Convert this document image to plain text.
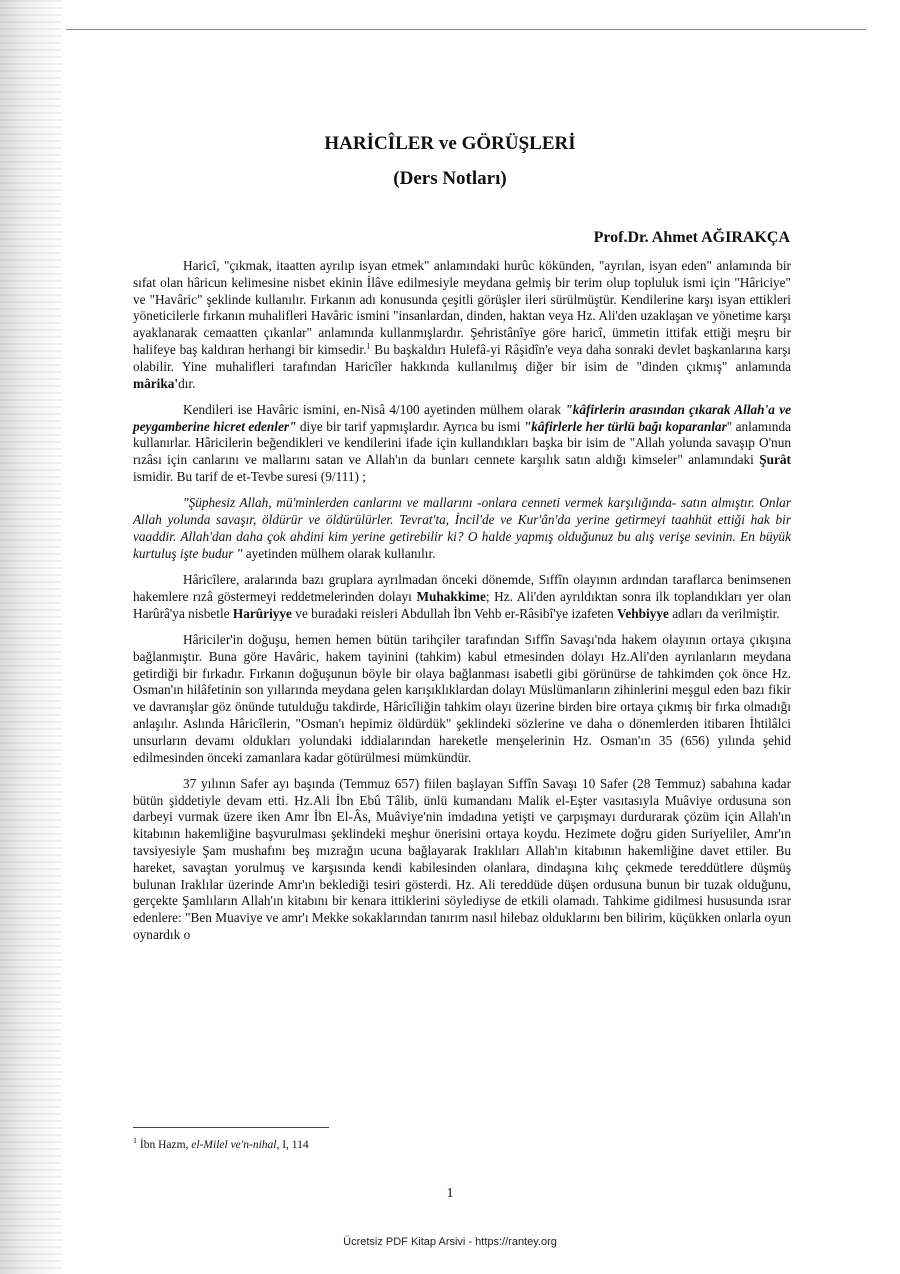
HARİCÎLER ve GÖRÜŞLERİ
(Ders Notları)
Prof.Dr. Ahmet AĞIRAKÇA

Haricî, "çıkmak, itaatten ayrılıp isyan etmek" anlamındaki hurûc kökünden, "ayrılan, isyan eden" anlamında bir sıfat olan hâricun kelimesine nisbet ekinin İlâve edilmesiyle meydana gelmiş bir terim olup topluluk ismi için "Hâriciye" ve "Havâric" şeklinde kullanılır. Fırkanın adı konusunda çeşitli görüşler ileri sürülmüştür. Kendilerine karşı isyan ettikleri yöneticilerle fırkanın muhalifleri Havâric ismini "insanlardan, dinden, haktan veya Hz. Ali'den uzaklaşan ve yönetime karşı ayaklanarak cemaatten çıkanlar" anlamında kullanmışlardır. Şehristânîye göre haricî, ümmetin ittifak ettiği meşru bir halifeye baş kaldıran herhangi bir kimsedir.$^1$ Bu başkaldırı Hulefâ-yi Râşidîn'e veya daha sonraki devlet başkanlarına karşı olabilir. Yine muhalifleri tarafından Haricîler hakkında kullanılmış diğer bir isim de "dinden çıkmış" anlamında mârika'dır.

Kendileri ise Havâric ismini, en-Nisâ 4/100 ayetinden mülhem olarak "kâfirlerin arasından çıkarak Allah'a ve peygamberine hicret edenler" diye bir tarif yapmışlardır. Ayrıca bu ismi "kâfirlerle her türlü bağı koparanlar" anlamında kullanırlar. Hâricilerin beğendikleri ve kendilerini ifade için kullandıkları başka bir isim de "Allah yolunda savaşıp O'nun rızâsı için canlarını ve mallarını satan ve Allah'ın da bunları cennete karşılık satın aldığı kimseler" anlamındaki Şurât ismidir. Bu tarif de et-Tevbe suresi (9/111) ;

"Şüphesiz Allah, mü'minlerden canlarını ve mallarını -onlara cenneti vermek karşılığında- satın almıştır. Onlar Allah yolunda savaşır, öldürür ve öldürülürler. Tevrat'ta, İncil'de ve Kur'ân'da yerine getirmeyi taahhüt ettiği hak bir vaaddir. Allah'dan daha çok ahdini kim yerine getirebilir ki? O halde yapmış olduğunuz bu alış verişe sevinin. En büyük kurtuluş işte budur " ayetinden mülhem olarak kullanılır.

Hâricîlere, aralarında bazı gruplara ayrılmadan önceki dönemde, Sıffîn olayının ardından taraflarca benimsenen hakemlere rızâ göstermeyi reddetmelerinden dolayı Muhakkime; Hz. Ali'den ayrıldıktan sonra ilk toplandıkları yer olan Harûrâ'ya nisbetle Harûriyye ve buradaki reisleri Abdullah İbn Vehb er-Râsibî'ye izafeten Vehbiyye adları da verilmiştir.

Hâriciler'in doğuşu, hemen hemen bütün tarihçiler tarafından Sıffîn Savaşı'nda hakem olayının ortaya çıkışına bağlanmıştır. Buna göre Havâric, hakem tayinini (tahkim) kabul etmesinden dolayı Hz.Ali'den ayrılanların meydana getirdiği bir fırkadır. Fırkanın doğuşunun böyle bir olaya bağlanması isabetli gibi görünürse de tahkimden çok önce Hz. Osman'ın hilâfetinin son yıllarında meydana gelen karışıklıklardan dolayı Müslümanların zihinlerini meşgul eden bazı fikir ve davranışlar göz önünde tutulduğu takdirde, Hâricîliğin tahkim olayı üzerine birden bire ortaya çıkmış bir fırka olmadığı anlaşılır. Aslında Hâricîlerin, "Osman'ı hepimiz öldürdük" şeklindeki sözlerine ve daha o dönemlerden itibaren İhtilâlci unsurların devamı oldukları yolundaki iddialarından hareketle menşelerinin Hz. Osman'ın 35 (656) yılında şehid edilmesinden önceki zamanlara kadar götürülmesi mümkündür.

37 yılının Safer ayı başında (Temmuz 657) fiilen başlayan Sıffîn Savaşı 10 Safer (28 Temmuz) sabahına kadar bütün şiddetiyle devam etti. Hz.Ali İbn Ebû Tâlib, ünlü kumandanı Malik el-Eşter vasıtasıyla Muâviye ordusuna son darbeyi vurmak üzere iken Amr İbn El-Âs, Muâviye'nin imdadına yetişti ve çarpışmayı durdurarak çözüm için Allah'ın kitabının hakemliğine başvurulması şeklindeki meşhur önerisini ortaya koydu. Hezimete doğru giden Suriyeliler, Amr'ın tavsiyesiyle Şam mushafını beş mızrağın ucuna bağlayarak Iraklıları Allah'ın kitabının hakemliğine davet ettiler. Bu hareket, savaştan yorulmuş ve karşısında kendi kabilesinden olanlara, dindaşına kılıç çekmede tereddütlere düşmüş bulunan Iraklılar üzerinde Amr'ın beklediği tesiri gösterdi. Hz. Ali tereddüde düşen ordusuna bunun bir tuzak olduğunu, gerçekte Şamlıların Allah'ın kitabını bir kenara ittiklerini söylediyse de etkili olamadı. Tahkime gidilmesi hususunda ısrar edenlere: "Ben Muaviye ve amr'ı Mekke sokaklarından tanırım nasıl hilebaz olduklarını ben bilirim, küçükken onlarla oyun oynardık o

$^1$ İbn Hazm, el-Milel ve'n-nihal, I, 114
1
Ücretsiz PDF Kitap Arsivi - https://rantey.org
